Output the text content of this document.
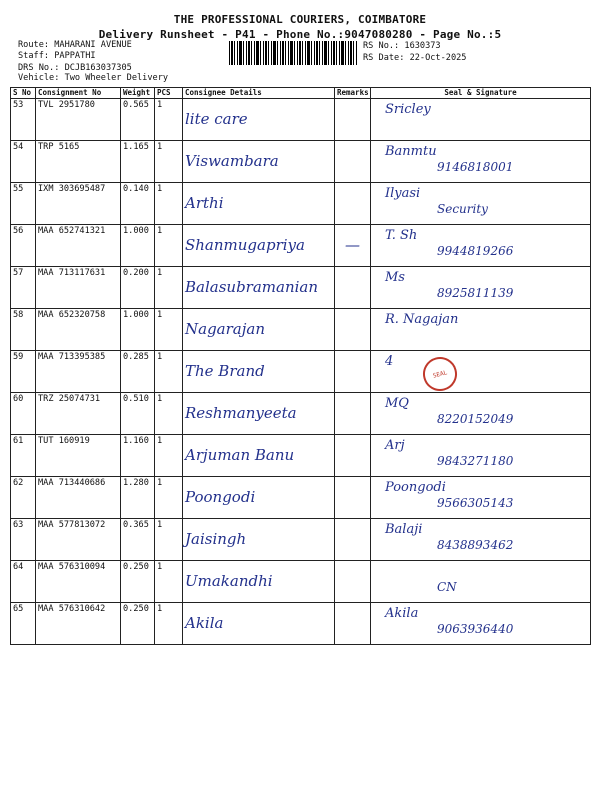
THE PROFESSIONAL COURIERS, COIMBATORE
Delivery Runsheet - P41 - Phone No.:9047080280 - Page No.:5
Route: MAHARANI AVENUE
Staff: PAPPATHI
DRS No.: DCJB163037305
Vehicle: Two Wheeler Delivery
RS No.: 1630373
RS Date: 22-Oct-2025
S No	Consignment No	Weight	PCS	Consignee Details	Remarks	Seal & Signature
53	TVL 2951780	0.565	1	lite care		Sricley

54	TRP 5165	1.165	1	Viswambara		Banmtu
9146818001

55	IXM 303695487	0.140	1	Arthi		Ilyasi
Security

56	MAA 652741321	1.000	1	Shanmugapriya	—	T. Sh
9944819266

57	MAA 713117631	0.200	1	Balasubramanian		Ms
8925811139

58	MAA 652320758	1.000	1	Nagarajan		R. Nagajan

59	MAA 713395385	0.285	1	The Brand		4
SEAL

60	TRZ 25074731	0.510	1	Reshmanyeeta		MQ
8220152049

61	TUT 160919	1.160	1	Arjuman Banu		Arj
9843271180

62	MAA 713440686	1.280	1	Poongodi		Poongodi
9566305143

63	MAA 577813072	0.365	1	Jaisingh		Balaji
8438893462

64	MAA 576310094	0.250	1	Umakandhi		CN

65	MAA 576310642	0.250	1	Akila		Akila
9063936440
